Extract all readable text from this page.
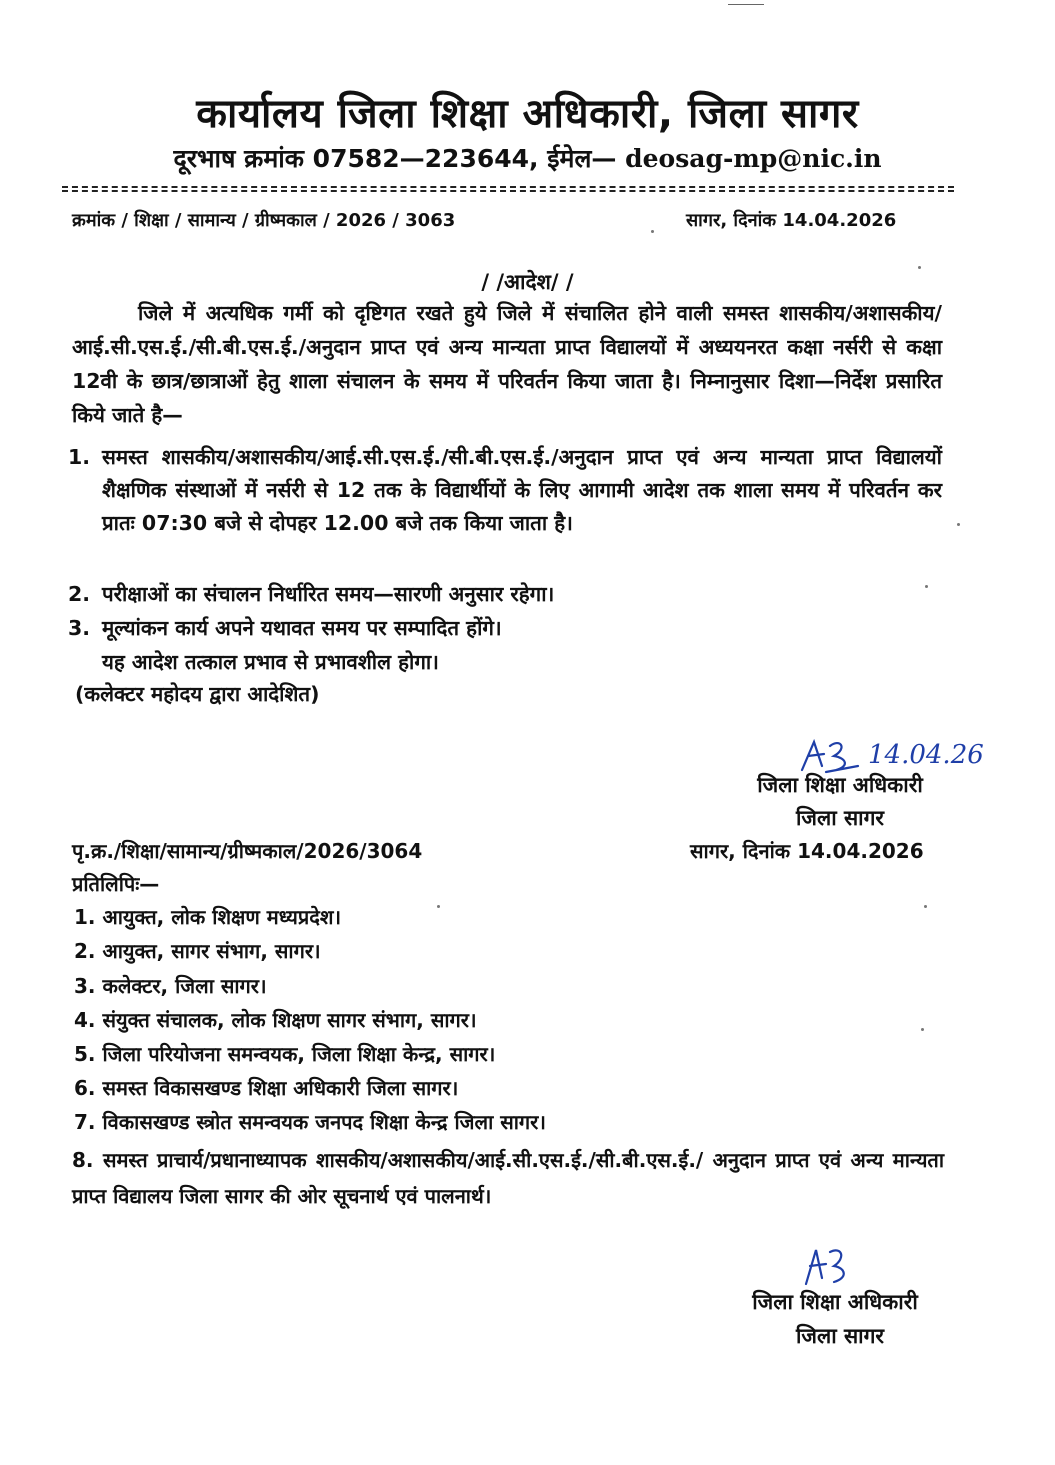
कार्यालय जिला शिक्षा अधिकारी, जिला सागर
दूरभाष क्रमांक 07582—223644, ईमेल— deosag-mp@nic.in
क्रमांक / शिक्षा / सामान्य / ग्रीष्मकाल / 2026 / 3063	सागर, दिनांक 14.04.2026
/ /आदेश/ /
जिले में अत्यधिक गर्मी को दृष्टिगत रखते हुये जिले में संचालित होने वाली समस्त शासकीय/अशासकीय/आई.सी.एस.ई./सी.बी.एस.ई./अनुदान प्राप्त एवं अन्य मान्यता प्राप्त विद्यालयों में अध्ययनरत कक्षा नर्सरी से कक्षा 12वी के छात्र/छात्राओं हेतु शाला संचालन के समय में परिवर्तन किया जाता है। निम्नानुसार दिशा—निर्देश प्रसारित किये जाते है—
1. समस्त शासकीय/अशासकीय/आई.सी.एस.ई./सी.बी.एस.ई./अनुदान प्राप्त एवं अन्य मान्यता प्राप्त विद्यालयों शैक्षणिक संस्थाओं में नर्सरी से 12 तक के विद्यार्थीयों के लिए आगामी आदेश तक शाला समय में परिवर्तन कर प्रातः 07:30 बजे से दोपहर 12.00 बजे तक किया जाता है।
2. परीक्षाओं का संचालन निर्धारित समय—सारणी अनुसार रहेगा।
3. मूल्यांकन कार्य अपने यथावत समय पर सम्पादित होंगे।
यह आदेश तत्काल प्रभाव से प्रभावशील होगा।
(कलेक्टर महोदय द्वारा आदेशित)
14.04.26
जिला शिक्षा अधिकारी
जिला सागर
पृ.क्र./शिक्षा/सामान्य/ग्रीष्मकाल/2026/3064	सागर, दिनांक 14.04.2026
प्रतिलिपिः—
1. आयुक्त, लोक शिक्षण मध्यप्रदेश।
2. आयुक्त, सागर संभाग, सागर।
3. कलेक्टर, जिला सागर।
4. संयुक्त संचालक, लोक शिक्षण सागर संभाग, सागर।
5. जिला परियोजना समन्वयक, जिला शिक्षा केन्द्र, सागर।
6. समस्त विकासखण्ड शिक्षा अधिकारी जिला सागर।
7. विकासखण्ड स्त्रोत समन्वयक जनपद शिक्षा केन्द्र जिला सागर।
8. समस्त प्राचार्य/प्रधानाध्यापक शासकीय/अशासकीय/आई.सी.एस.ई./सी.बी.एस.ई./ अनुदान प्राप्त एवं अन्य मान्यता प्राप्त विद्यालय जिला सागर की ओर सूचनार्थ एवं पालनार्थ।
जिला शिक्षा अधिकारी
जिला सागर
